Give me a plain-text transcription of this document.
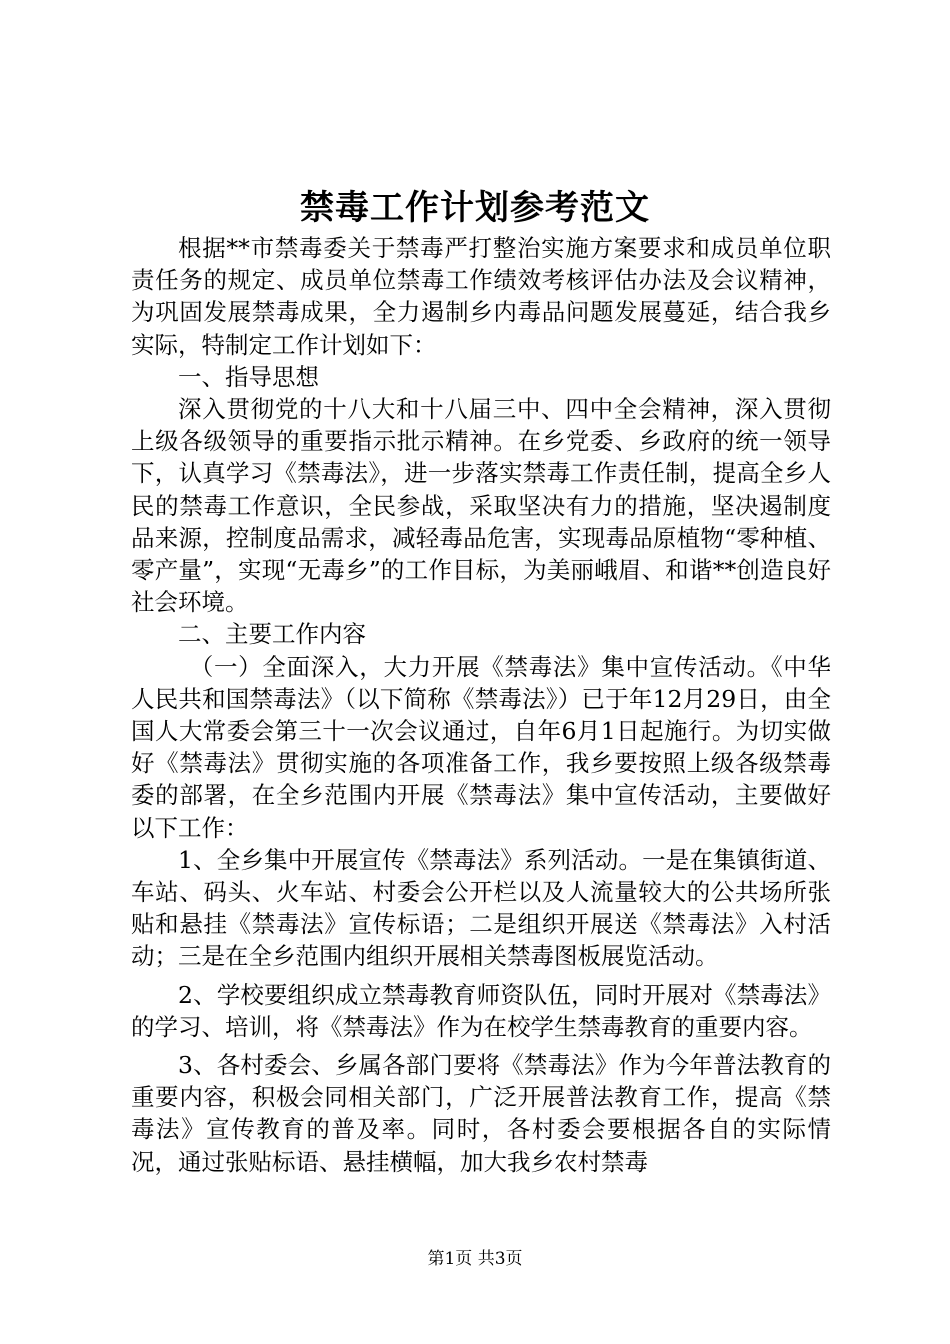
禁毒工作计划参考范文

根据**市禁毒委关于禁毒严打整治实施方案要求和成员单位职责任务的规定、成员单位禁毒工作绩效考核评估办法及会议精神，为巩固发展禁毒成果，全力遏制乡内毒品问题发展蔓延，结合我乡实际，特制定工作计划如下：

一、指导思想

深入贯彻党的十八大和十八届三中、四中全会精神，深入贯彻上级各级领导的重要指示批示精神。在乡党委、乡政府的统一领导下，认真学习《禁毒法》，进一步落实禁毒工作责任制，提高全乡人民的禁毒工作意识，全民参战，采取坚决有力的措施，坚决遏制度品来源，控制度品需求，减轻毒品危害，实现毒品原植物“零种植、零产量”，实现“无毒乡”的工作目标，为美丽峨眉、和谐**创造良好社会环境。

二、主要工作内容

（一）全面深入，大力开展《禁毒法》集中宣传活动。《中华人民共和国禁毒法》（以下简称《禁毒法》）已于年12月29日，由全国人大常委会第三十一次会议通过，自年6月1日起施行。为切实做好《禁毒法》贯彻实施的各项准备工作，我乡要按照上级各级禁毒委的部署，在全乡范围内开展《禁毒法》集中宣传活动，主要做好以下工作：

1、全乡集中开展宣传《禁毒法》系列活动。一是在集镇街道、车站、码头、火车站、村委会公开栏以及人流量较大的公共场所张贴和悬挂《禁毒法》宣传标语；二是组织开展送《禁毒法》入村活动；三是在全乡范围内组织开展相关禁毒图板展览活动。

2、学校要组织成立禁毒教育师资队伍，同时开展对《禁毒法》的学习、培训，将《禁毒法》作为在校学生禁毒教育的重要内容。

3、各村委会、乡属各部门要将《禁毒法》作为今年普法教育的重要内容，积极会同相关部门，广泛开展普法教育工作，提高《禁毒法》宣传教育的普及率。同时，各村委会要根据各自的实际情况，通过张贴标语、悬挂横幅，加大我乡农村禁毒

第1页 共3页
